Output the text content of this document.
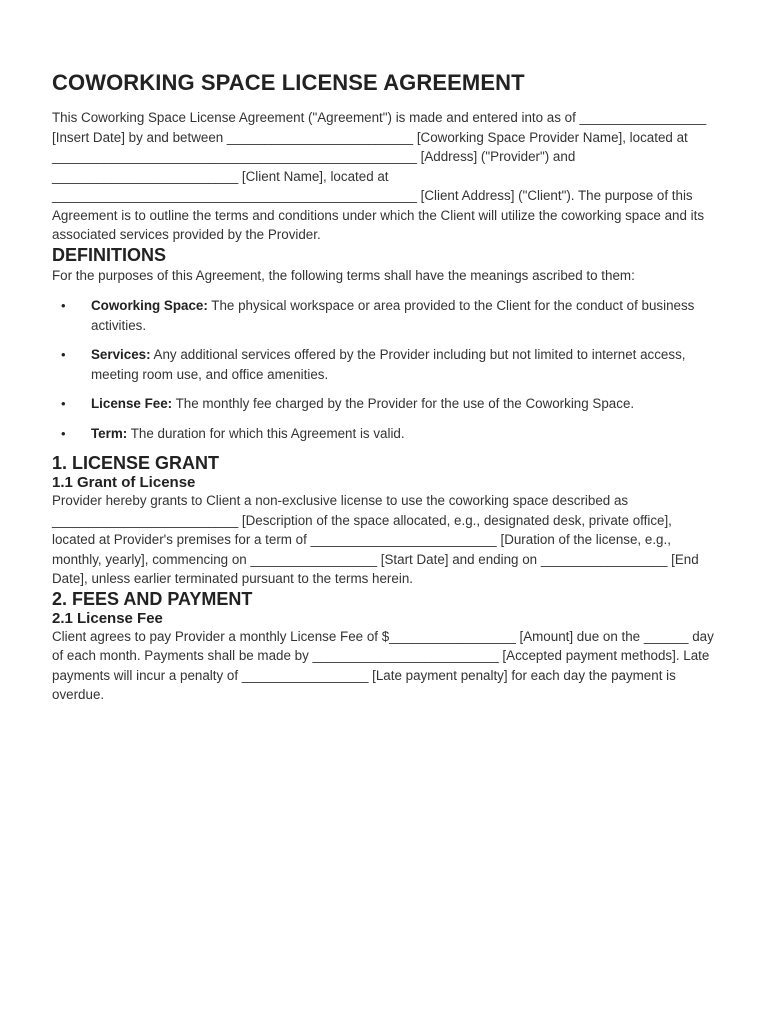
COWORKING SPACE LICENSE AGREEMENT

This Coworking Space License Agreement ("Agreement") is made and entered into as of _________________ [Insert Date] by and between _________________________ [Coworking Space Provider Name], located at _________________________________________________ [Address] ("Provider") and _________________________ [Client Name], located at _________________________________________________ [Client Address] ("Client"). The purpose of this Agreement is to outline the terms and conditions under which the Client will utilize the coworking space and its associated services provided by the Provider.

DEFINITIONS

For the purposes of this Agreement, the following terms shall have the meanings ascribed to them:

• Coworking Space: The physical workspace or area provided to the Client for the conduct of business activities.
• Services: Any additional services offered by the Provider including but not limited to internet access, meeting room use, and office amenities.
• License Fee: The monthly fee charged by the Provider for the use of the Coworking Space.
• Term: The duration for which this Agreement is valid.
1. LICENSE GRANT
1.1 Grant of License

Provider hereby grants to Client a non-exclusive license to use the coworking space described as _________________________ [Description of the space allocated, e.g., designated desk, private office], located at Provider's premises for a term of _________________________ [Duration of the license, e.g., monthly, yearly], commencing on _________________ [Start Date] and ending on _________________ [End Date], unless earlier terminated pursuant to the terms herein.

2. FEES AND PAYMENT
2.1 License Fee

Client agrees to pay Provider a monthly License Fee of $_________________ [Amount] due on the ______ day of each month. Payments shall be made by _________________________ [Accepted payment methods]. Late payments will incur a penalty of _________________ [Late payment penalty] for each day the payment is overdue.
